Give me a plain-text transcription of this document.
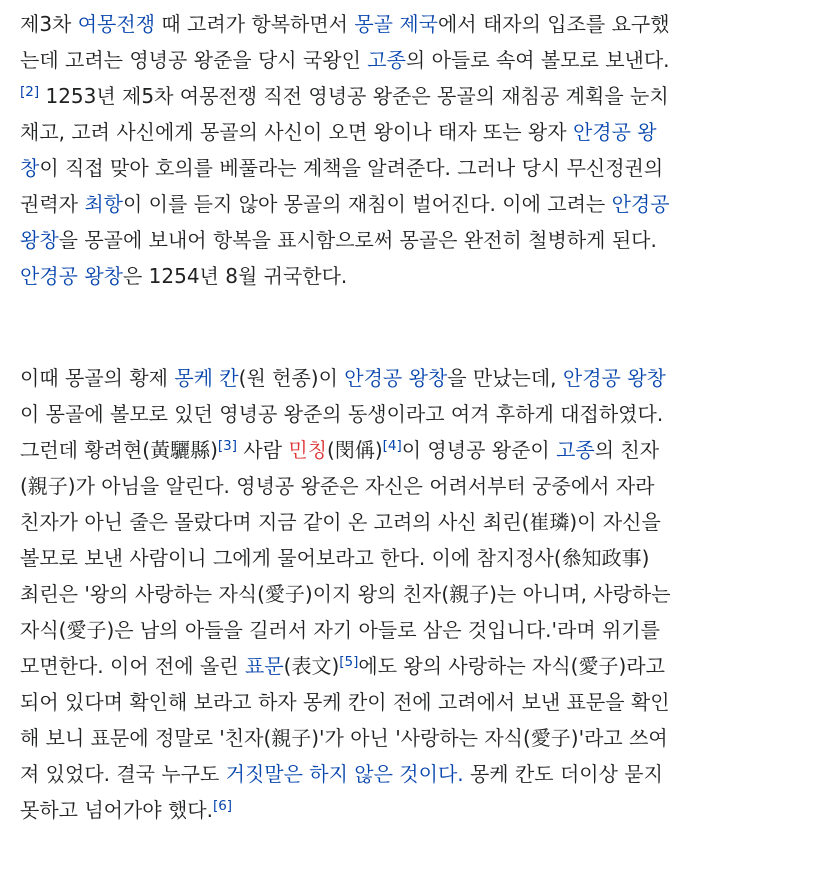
제3차 여몽전쟁 때 고려가 항복하면서 몽골 제국에서 태자의 입조를 요구했
는데 고려는 영녕공 왕준을 당시 국왕인 고종의 아들로 속여 볼모로 보낸다.
[2] 1253년 제5차 여몽전쟁 직전 영녕공 왕준은 몽골의 재침공 계획을 눈치
채고, 고려 사신에게 몽골의 사신이 오면 왕이나 태자 또는 왕자 안경공 왕
창이 직접 맞아 호의를 베풀라는 계책을 알려준다. 그러나 당시 무신정권의
권력자 최항이 이를 듣지 않아 몽골의 재침이 벌어진다. 이에 고려는 안경공
왕창을 몽골에 보내어 항복을 표시함으로써 몽골은 완전히 철병하게 된다.
안경공 왕창은 1254년 8월 귀국한다.
이때 몽골의 황제 몽케 칸(원 헌종)이 안경공 왕창을 만났는데, 안경공 왕창
이 몽골에 볼모로 있던 영녕공 왕준의 동생이라고 여겨 후하게 대접하였다.
그런데 황려현(黃驪縣)[3] 사람 민칭(閔偁)[4]이 영녕공 왕준이 고종의 친자
(親子)가 아님을 알린다. 영녕공 왕준은 자신은 어려서부터 궁중에서 자라
친자가 아닌 줄은 몰랐다며 지금 같이 온 고려의 사신 최린(崔璘)이 자신을
볼모로 보낸 사람이니 그에게 물어보라고 한다. 이에 참지정사(叅知政事)
최린은 '왕의 사랑하는 자식(愛子)이지 왕의 친자(親子)는 아니며, 사랑하는
자식(愛子)은 남의 아들을 길러서 자기 아들로 삼은 것입니다.'라며 위기를
모면한다. 이어 전에 올린 표문(表文)[5]에도 왕의 사랑하는 자식(愛子)라고
되어 있다며 확인해 보라고 하자 몽케 칸이 전에 고려에서 보낸 표문을 확인
해 보니 표문에 정말로 '친자(親子)'가 아닌 '사랑하는 자식(愛子)'라고 쓰여
져 있었다. 결국 누구도 거짓말은 하지 않은 것이다. 몽케 칸도 더이상 묻지
못하고 넘어가야 했다.[6]
